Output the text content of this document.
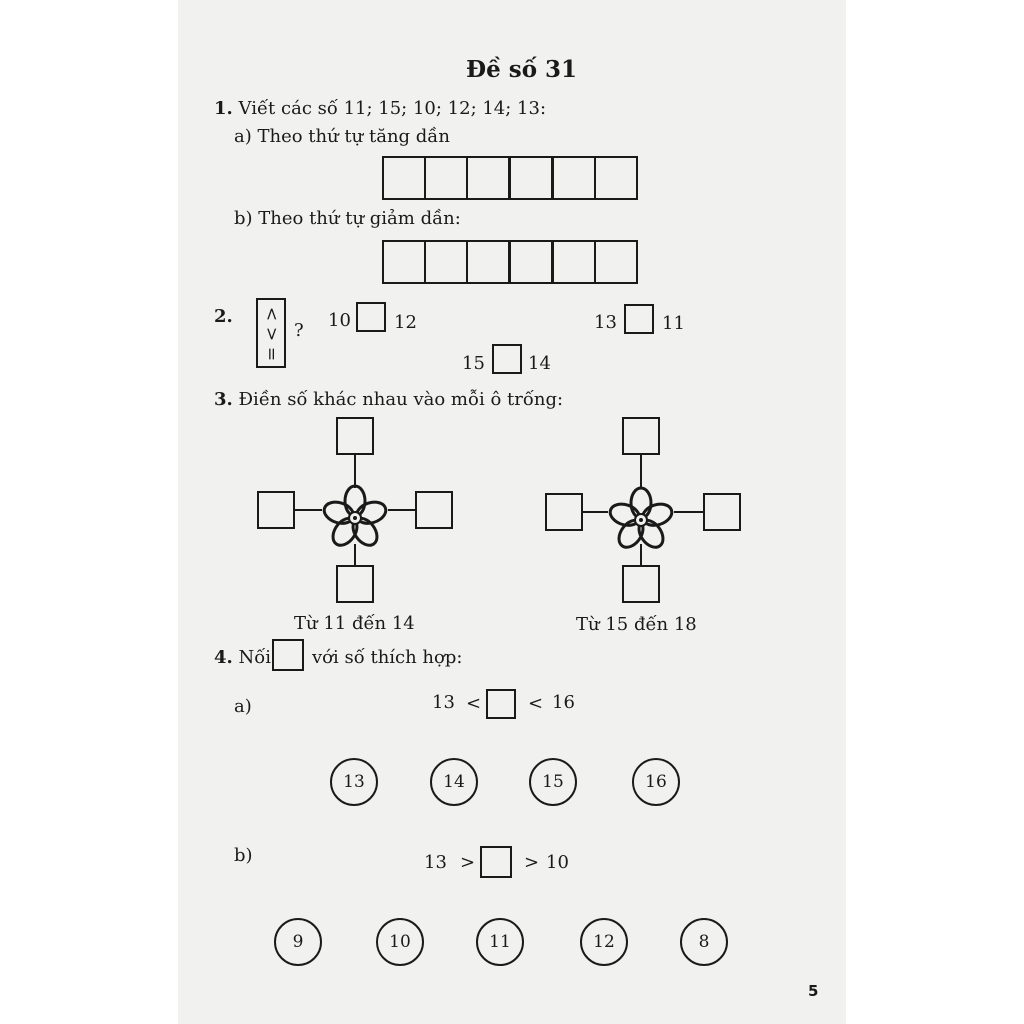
Đề số 31
1. Viết các số 11; 15; 10; 12; 14; 13:
a) Theo thứ tự tăng dần
b) Theo thứ tự giảm dần:
2. >
<
=
? 10 12	13	11
15 14
3. Điền số khác nhau vào mỗi ô trống:
Từ 11 đến 14	Từ 15 đến 18
4. Nối với số thích hợp:
a)	13 <	< 16
13	14	15	16
b)	13 >	> 10
9	10	11	12	8
5
